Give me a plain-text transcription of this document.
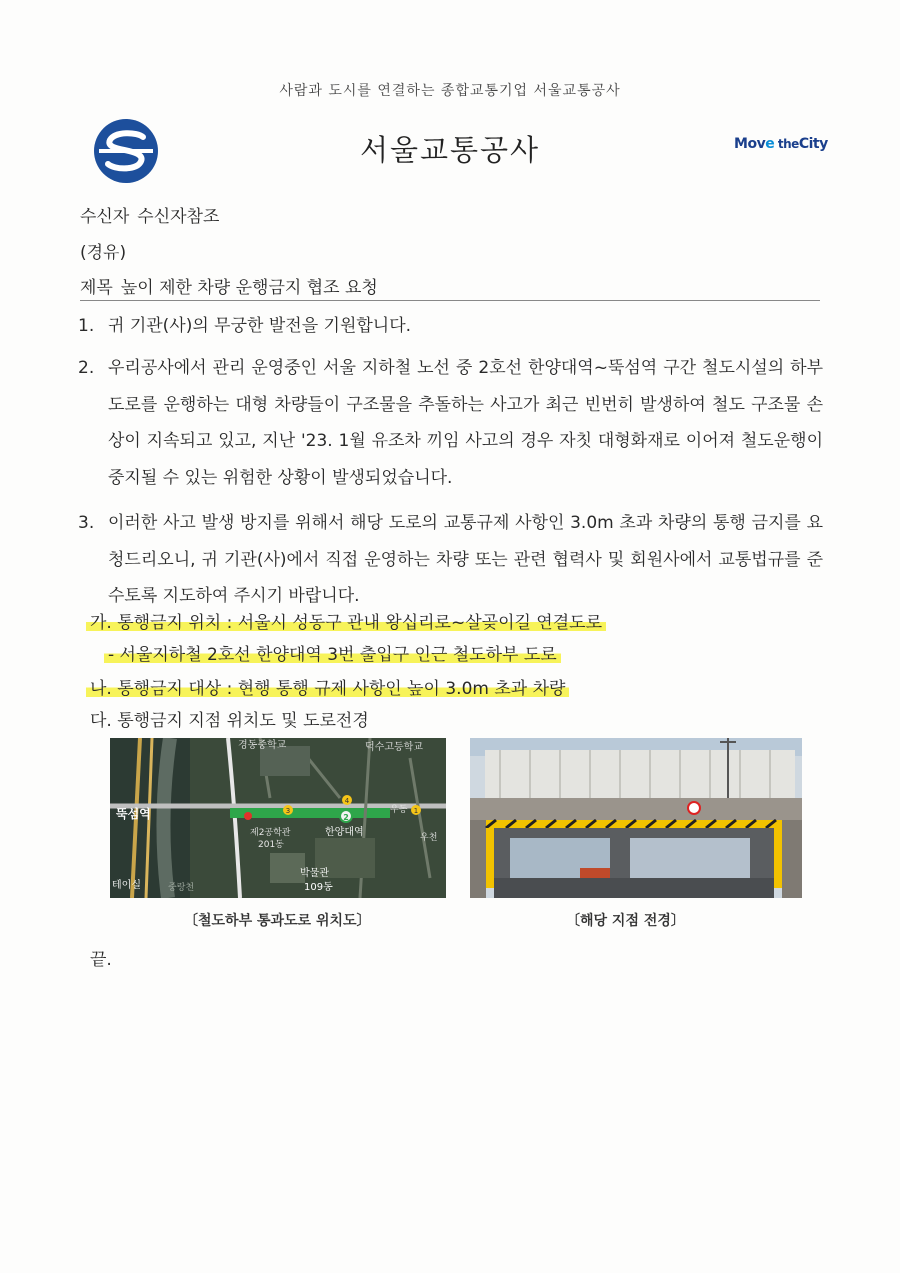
사람과 도시를 연결하는 종합교통기업 서울교통공사
서울교통공사	Move theCity
수신자 수신자참조
(경유)
제목 높이 제한 차량 운행금지 협조 요청
1. 귀 기관(사)의 무궁한 발전을 기원합니다.
2. 우리공사에서 관리 운영중인 서울 지하철 노선 중 2호선 한양대역~뚝섬역 구간 철도시설의 하부 도로를 운행하는 대형 차량들이 구조물을 추돌하는 사고가 최근 빈번히 발생하여 철도 구조물 손상이 지속되고 있고, 지난 '23. 1월 유조차 끼임 사고의 경우 자칫 대형화재로 이어져 철도운행이 중지될 수 있는 위험한 상황이 발생되었습니다.
3. 이러한 사고 발생 방지를 위해서 해당 도로의 교통규제 사항인 3.0m 초과 차량의 통행 금지를 요청드리오니, 귀 기관(사)에서 직접 운영하는 차량 또는 관련 협력사 및 회원사에서 교통법규를 준수토록 지도하여 주시기 바랍니다.
가. 통행금지 위치 : 서울시 성동구 관내 왕십리로~살곶이길 연결도로
- 서울지하철 2호선 한양대역 3번 출입구 인근 철도하부 도로
나. 통행금지 대상 : 현행 통행 규제 사항인 높이 3.0m 초과 차량
다. 통행금지 지점 위치도 및 도로전경
2
3
4
1
경동중학교	덕수고등학교
뚝섬역
한양대역
제2공학관
201동
박물관
109동
테이실	중랑천
우천
우동
〔철도하부 통과도로 위치도〕	〔해당 지점 전경〕
끝.
